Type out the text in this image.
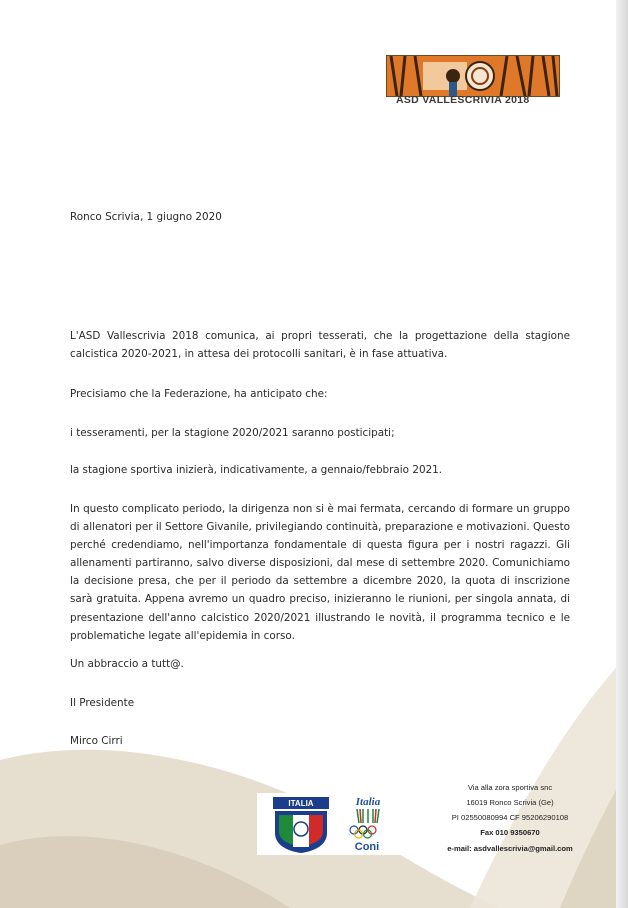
ASD VALLESCRIVIA 2018
Ronco Scrivia, 1 giugno 2020
L'ASD Vallescrivia 2018 comunica, ai propri tesserati, che la progettazione della stagione calcistica 2020-2021, in attesa dei protocolli sanitari, è in fase attuativa.
Precisiamo che la Federazione, ha anticipato che:
i tesseramenti, per la stagione 2020/2021 saranno posticipati;
la stagione sportiva inizierà, indicativamente, a gennaio/febbraio 2021.
In questo complicato periodo, la dirigenza non si è mai fermata, cercando di formare un gruppo di allenatori per il Settore Givanile, privilegiando continuità, preparazione e motivazioni. Questo perché credendiamo, nell'importanza fondamentale di questa figura per i nostri ragazzi. Gli allenamenti partiranno, salvo diverse disposizioni, dal mese di settembre 2020. Comunichiamo la decisione presa, che per il periodo da settembre a dicembre 2020, la quota di inscrizione sarà gratuita. Appena avremo un quadro preciso, inizieranno le riunioni, per singola annata, di presentazione dell'anno calcistico 2020/2021 illustrando le novità, il programma tecnico e le problematiche legate all'epidemia in corso.
Un abbraccio a tutt@.
Il Presidente
Mirco Cirri
ITALIA	Italia
Coni
Via alla zora sportiva snc
16019 Ronco Scrivia (Ge)
PI 02550080994 CF 95206290108
Fax 010 9350670
e-mail: asdvallescrivia@gmail.com
